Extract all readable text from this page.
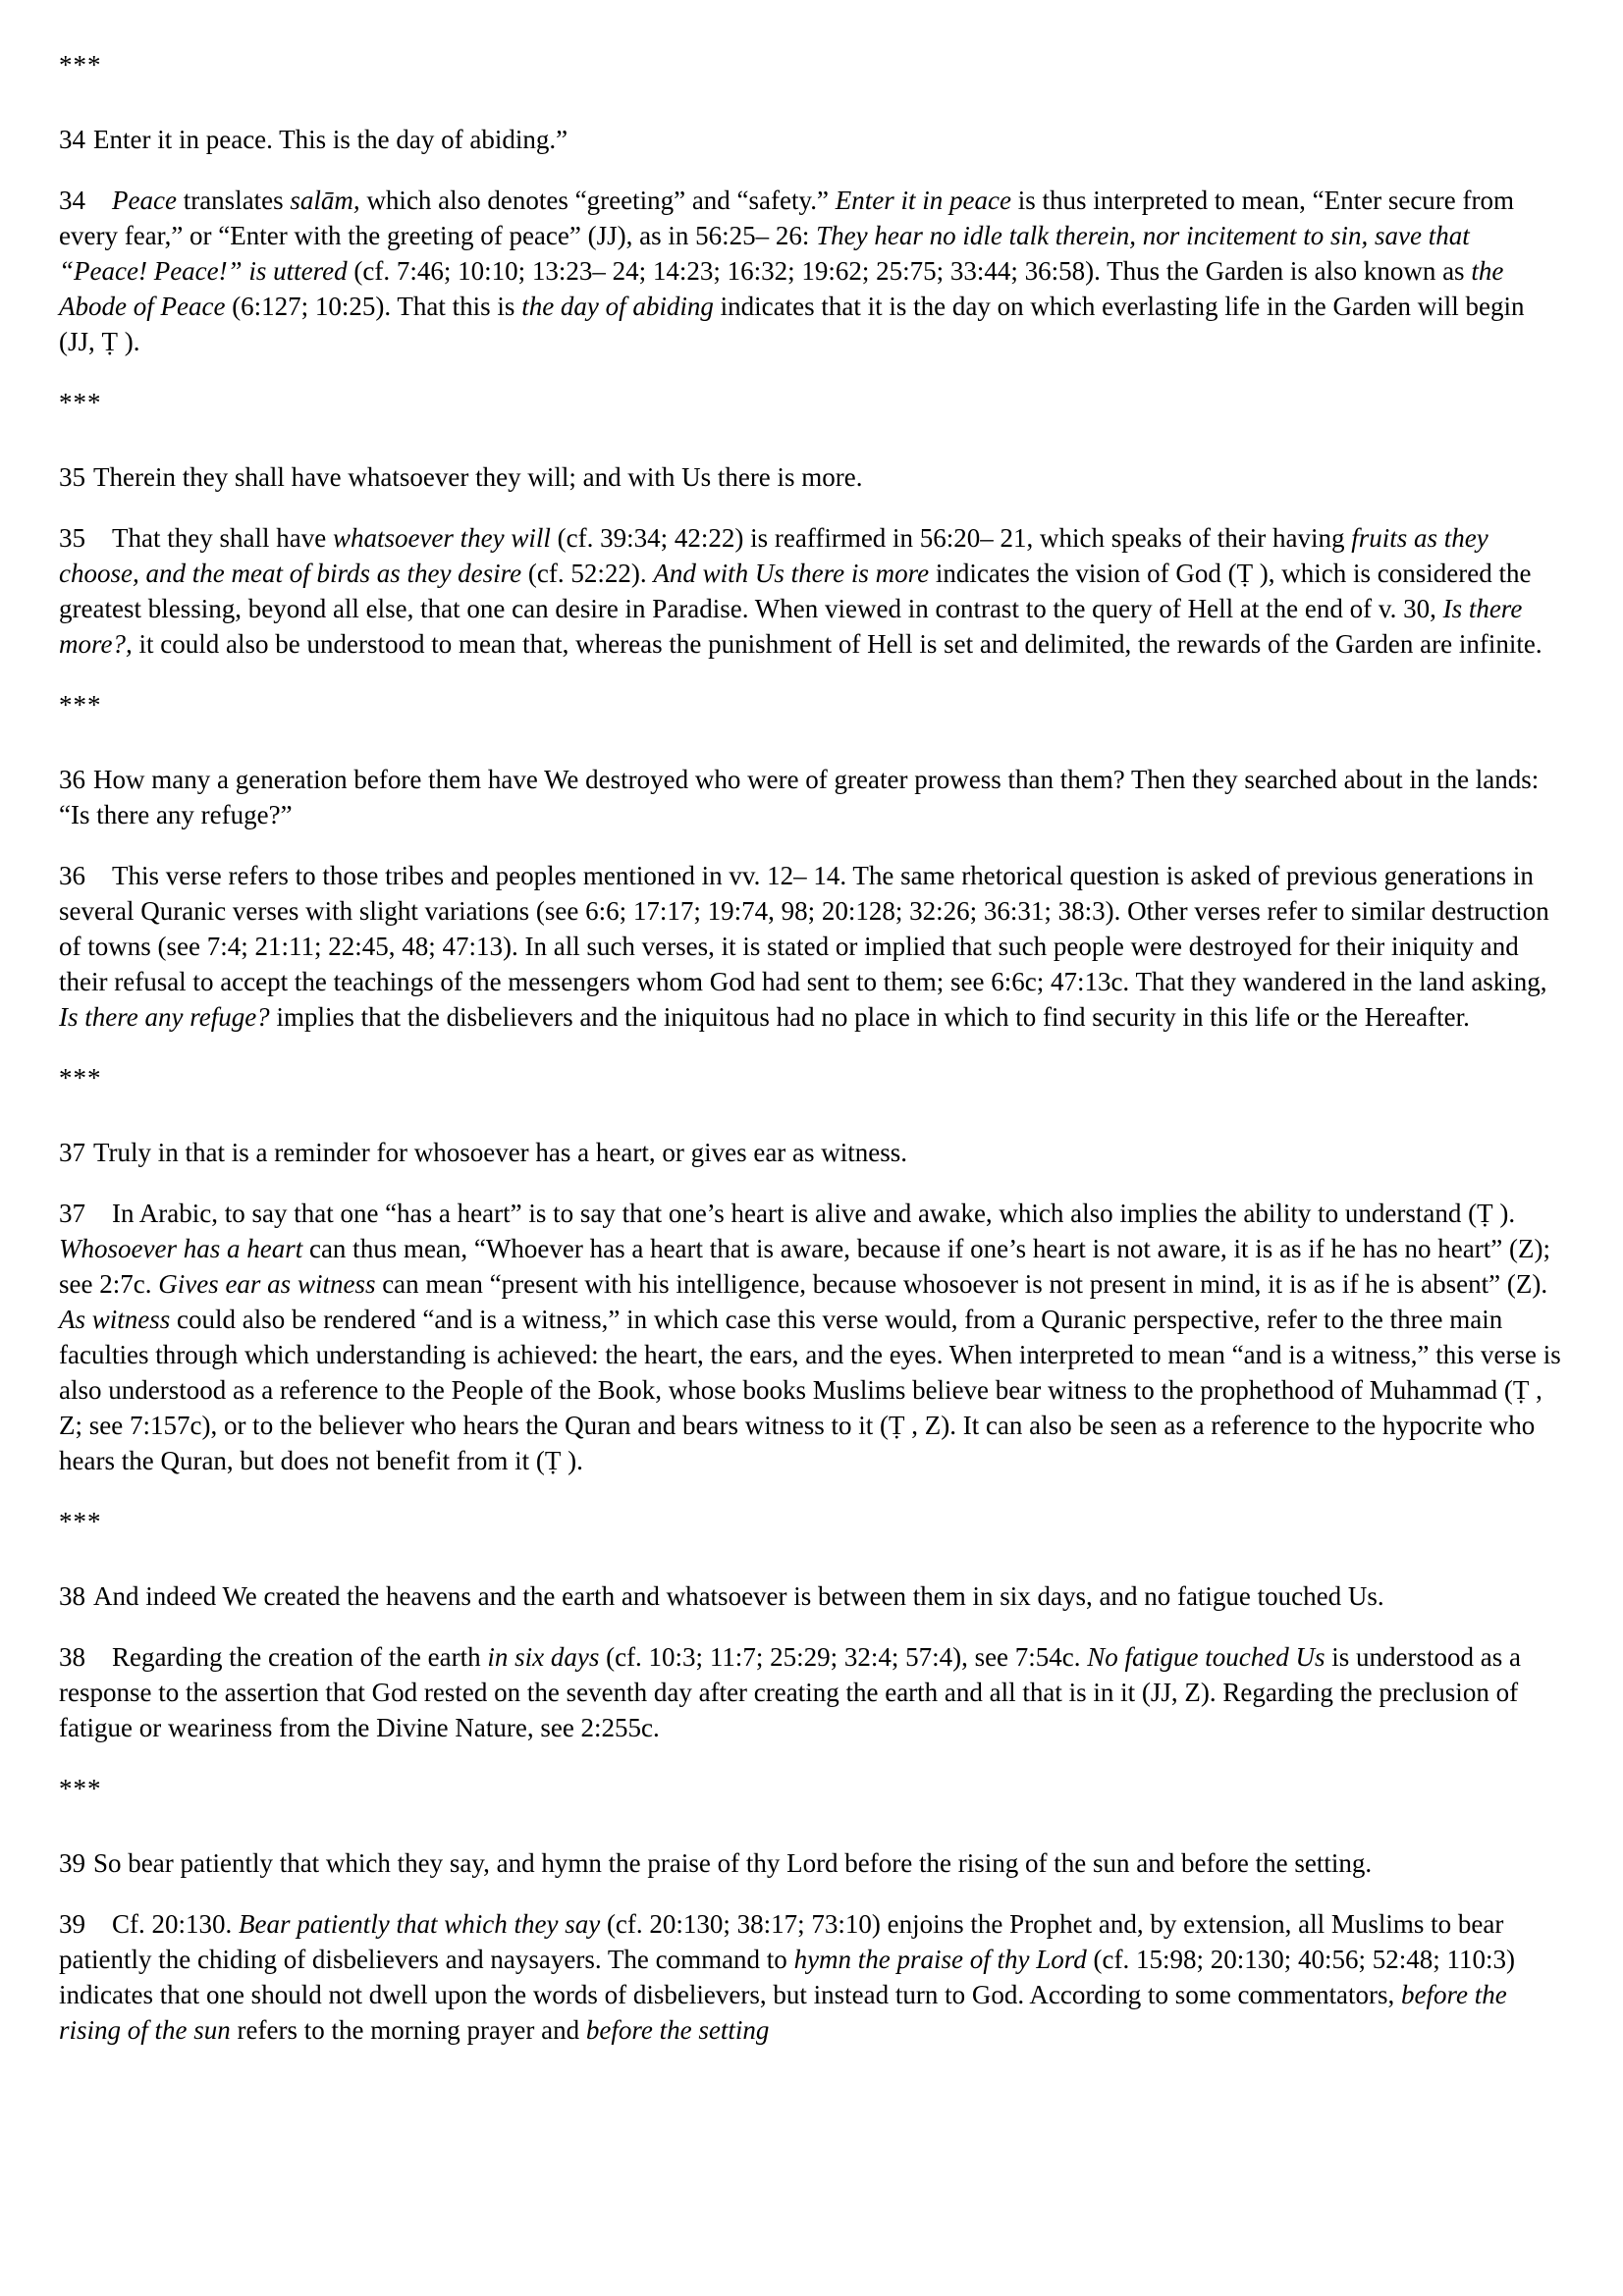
***

34 Enter it in peace. This is the day of abiding.”

34 Peace translates salām, which also denotes “greeting” and “safety.” Enter it in peace is thus interpreted to mean, “Enter secure from every fear,” or “Enter with the greeting of peace” (JJ), as in 56:25– 26: They hear no idle talk therein, nor incitement to sin, save that “Peace! Peace!” is uttered (cf. 7:46; 10:10; 13:23– 24; 14:23; 16:32; 19:62; 25:75; 33:44; 36:58). Thus the Garden is also known as the Abode of Peace (6:127; 10:25). That this is the day of abiding indicates that it is the day on which everlasting life in the Garden will begin (JJ, Ṭ ).

***

35 Therein they shall have whatsoever they will; and with Us there is more.

35 That they shall have whatsoever they will (cf. 39:34; 42:22) is reaffirmed in 56:20– 21, which speaks of their having fruits as they choose, and the meat of birds as they desire (cf. 52:22). And with Us there is more indicates the vision of God (Ṭ ), which is considered the greatest blessing, beyond all else, that one can desire in Paradise. When viewed in contrast to the query of Hell at the end of v. 30, Is there more?, it could also be understood to mean that, whereas the punishment of Hell is set and delimited, the rewards of the Garden are infinite.

***

36 How many a generation before them have We destroyed who were of greater prowess than them? Then they searched about in the lands: “Is there any refuge?”

36 This verse refers to those tribes and peoples mentioned in vv. 12– 14. The same rhetorical question is asked of previous generations in several Quranic verses with slight variations (see 6:6; 17:17; 19:74, 98; 20:128; 32:26; 36:31; 38:3). Other verses refer to similar destruction of towns (see 7:4; 21:11; 22:45, 48; 47:13). In all such verses, it is stated or implied that such people were destroyed for their iniquity and their refusal to accept the teachings of the messengers whom God had sent to them; see 6:6c; 47:13c. That they wandered in the land asking, Is there any refuge? implies that the disbelievers and the iniquitous had no place in which to find security in this life or the Hereafter.

***

37 Truly in that is a reminder for whosoever has a heart, or gives ear as witness.

37 In Arabic, to say that one “has a heart” is to say that one’s heart is alive and awake, which also implies the ability to understand (Ṭ ). Whosoever has a heart can thus mean, “Whoever has a heart that is aware, because if one’s heart is not aware, it is as if he has no heart” (Z); see 2:7c. Gives ear as witness can mean “present with his intelligence, because whosoever is not present in mind, it is as if he is absent” (Z). As witness could also be rendered “and is a witness,” in which case this verse would, from a Quranic perspective, refer to the three main faculties through which understanding is achieved: the heart, the ears, and the eyes. When interpreted to mean “and is a witness,” this verse is also understood as a reference to the People of the Book, whose books Muslims believe bear witness to the prophethood of Muhammad (Ṭ , Z; see 7:157c), or to the believer who hears the Quran and bears witness to it (Ṭ , Z). It can also be seen as a reference to the hypocrite who hears the Quran, but does not benefit from it (Ṭ ).

***

38 And indeed We created the heavens and the earth and whatsoever is between them in six days, and no fatigue touched Us.

38 Regarding the creation of the earth in six days (cf. 10:3; 11:7; 25:29; 32:4; 57:4), see 7:54c. No fatigue touched Us is understood as a response to the assertion that God rested on the seventh day after creating the earth and all that is in it (JJ, Z). Regarding the preclusion of fatigue or weariness from the Divine Nature, see 2:255c.

***

39 So bear patiently that which they say, and hymn the praise of thy Lord before the rising of the sun and before the setting.

39 Cf. 20:130. Bear patiently that which they say (cf. 20:130; 38:17; 73:10) enjoins the Prophet and, by extension, all Muslims to bear patiently the chiding of disbelievers and naysayers. The command to hymn the praise of thy Lord (cf. 15:98; 20:130; 40:56; 52:48; 110:3) indicates that one should not dwell upon the words of disbelievers, but instead turn to God. According to some commentators, before the rising of the sun refers to the morning prayer and before the setting
